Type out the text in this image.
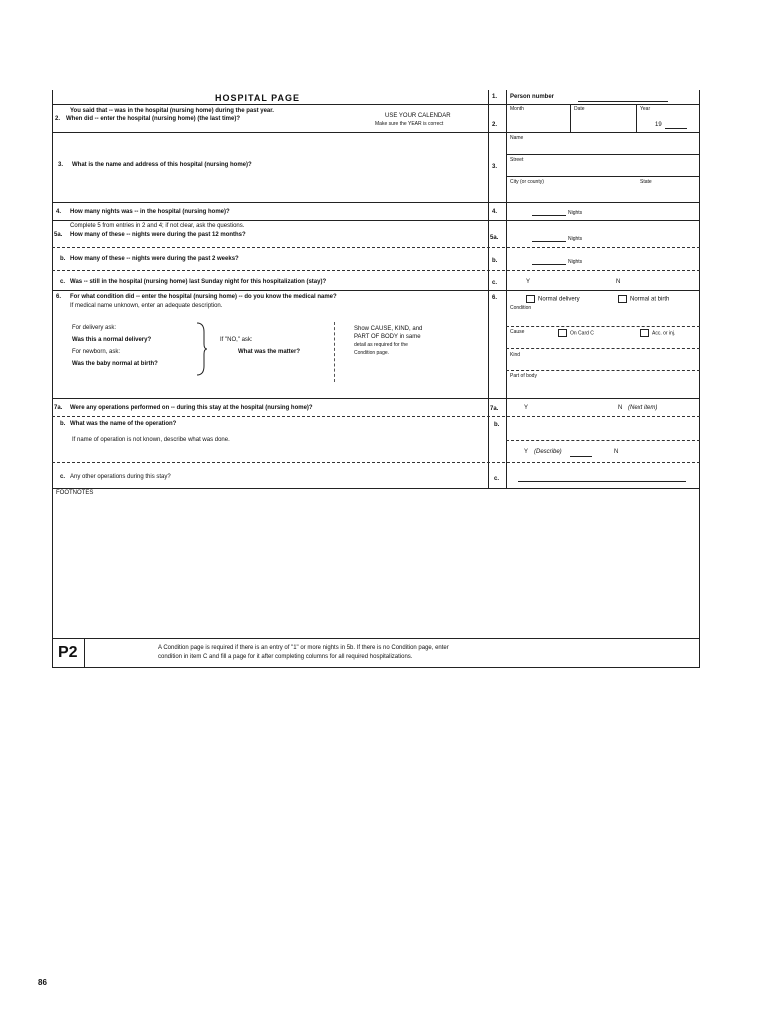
HOSPITAL PAGE	1. Person number
You said that -- was in the hospital (nursing home) during the past year.
2. When did -- enter the hospital (nursing home) (the last time)?	USE YOUR CALENDAR
Make sure the YEAR is correct	2.
Month	Date	Year
19
3. What is the name and address of this hospital (nursing home)?	3.
Name
Street
City (or county)	State
4. How many nights was -- in the hospital (nursing home)?	4.	Nights
Complete 5 from entries in 2 and 4; if not clear, ask the questions.
5a. How many of these -- nights were during the past 12 months?	5a.	Nights
b. How many of these -- nights were during the past 2 weeks?	b.	Nights
c. Was -- still in the hospital (nursing home) last Sunday night for this hospitalization (stay)?	c.	Y	N
6. For what condition did -- enter the hospital (nursing home) -- do you know the medical name?
If medical name unknown, enter an adequate description.
For delivery ask:
Was this a normal delivery?
For newborn, ask:
Was the baby normal at birth?
If "NO," ask:
What was the matter?
Show CAUSE, KIND, and
PART OF BODY in same
detail as required for the
Condition page.
6.	Normal delivery	Normal at birth
Condition
Cause	On Card C	Acc. or inj.
Kind
Part of body
7a. Were any operations performed on -- during this stay at the hospital (nursing home)?	7a.	Y	N (Next item)
b. What was the name of the operation?
If name of operation is not known, describe what was done.
b.
Y (Describe)	N
c. Any other operations during this stay?	c.
FOOTNOTES
P2	A Condition page is required if there is an entry of "1" or more nights in 5b. If there is no Condition page, enter
condition in item C and fill a page for it after completing columns for all required hospitalizations.
86
